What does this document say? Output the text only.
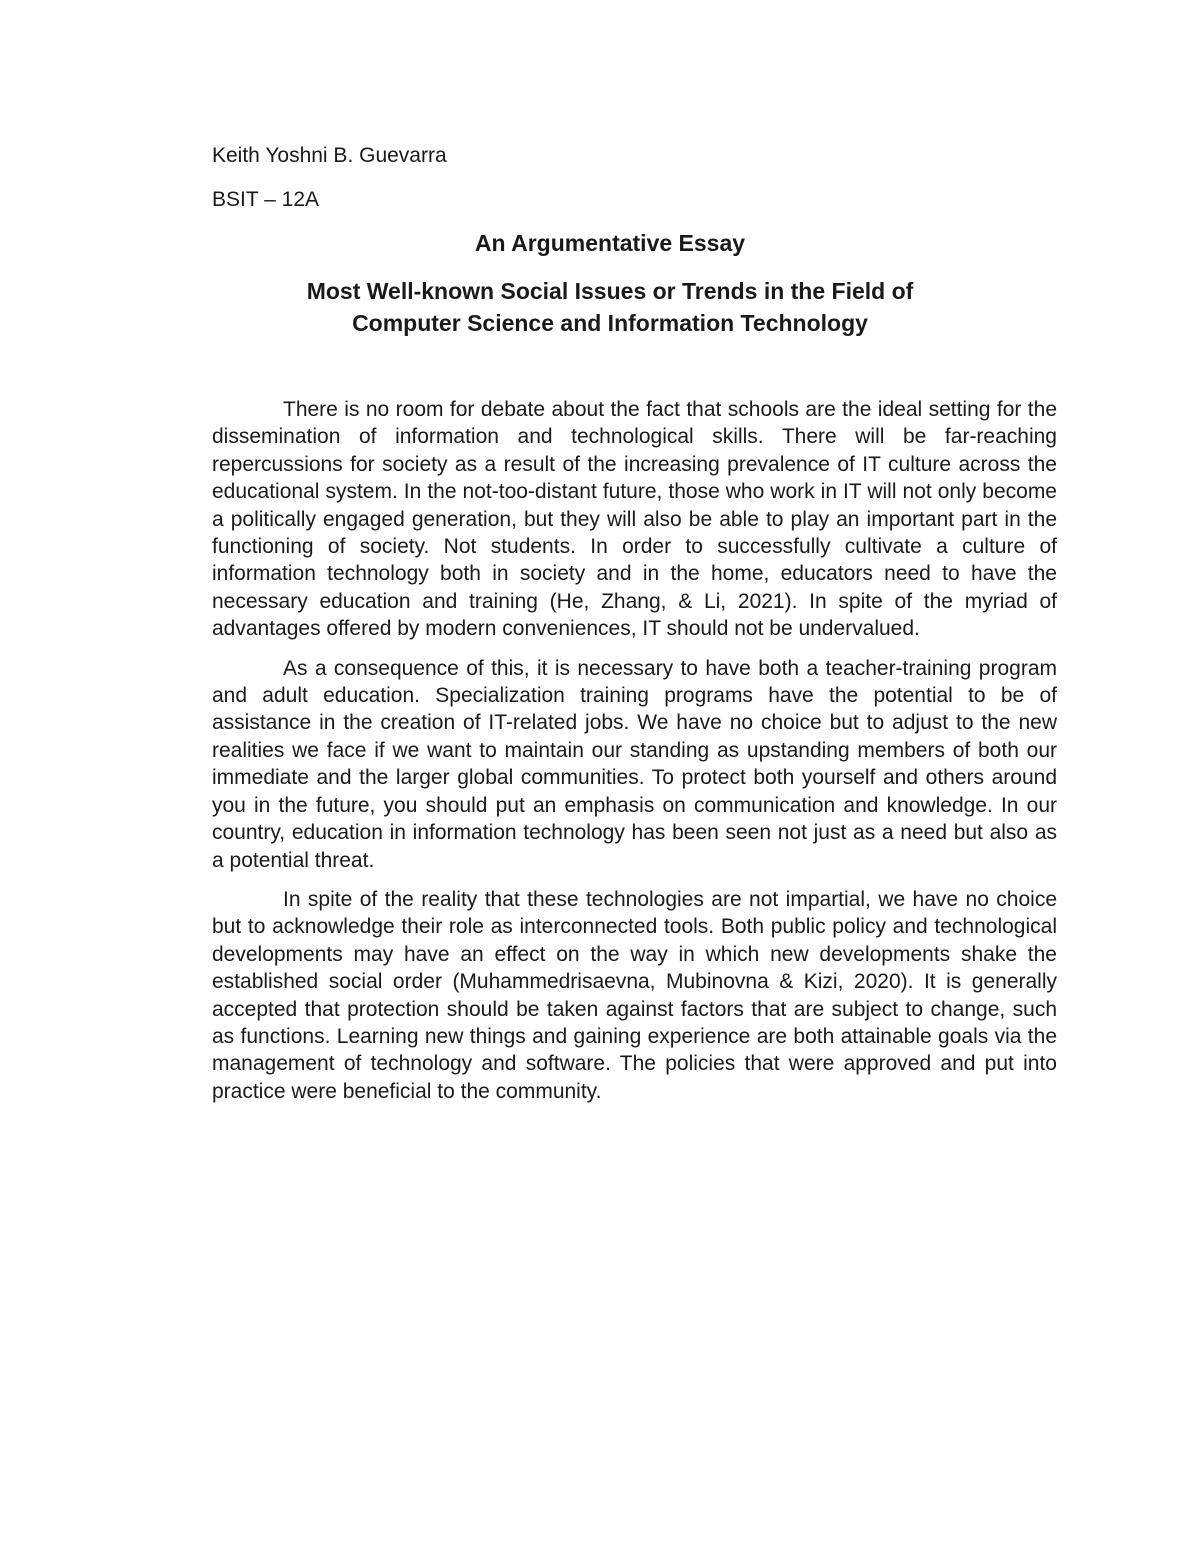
Keith Yoshni B. Guevarra

BSIT – 12A

An Argumentative Essay
Most Well-known Social Issues or Trends in the Field of
Computer Science and Information Technology

There is no room for debate about the fact that schools are the ideal setting for the dissemination of information and technological skills. There will be far-reaching repercussions for society as a result of the increasing prevalence of IT culture across the educational system. In the not-too-distant future, those who work in IT will not only become a politically engaged generation, but they will also be able to play an important part in the functioning of society. Not students. In order to successfully cultivate a culture of information technology both in society and in the home, educators need to have the necessary education and training (He, Zhang, & Li, 2021). In spite of the myriad of advantages offered by modern conveniences, IT should not be undervalued.

As a consequence of this, it is necessary to have both a teacher-training program and adult education. Specialization training programs have the potential to be of assistance in the creation of IT-related jobs. We have no choice but to adjust to the new realities we face if we want to maintain our standing as upstanding members of both our immediate and the larger global communities. To protect both yourself and others around you in the future, you should put an emphasis on communication and knowledge. In our country, education in information technology has been seen not just as a need but also as a potential threat.

In spite of the reality that these technologies are not impartial, we have no choice but to acknowledge their role as interconnected tools. Both public policy and technological developments may have an effect on the way in which new developments shake the established social order (Muhammedrisaevna, Mubinovna & Kizi, 2020). It is generally accepted that protection should be taken against factors that are subject to change, such as functions. Learning new things and gaining experience are both attainable goals via the management of technology and software. The policies that were approved and put into practice were beneficial to the community.
